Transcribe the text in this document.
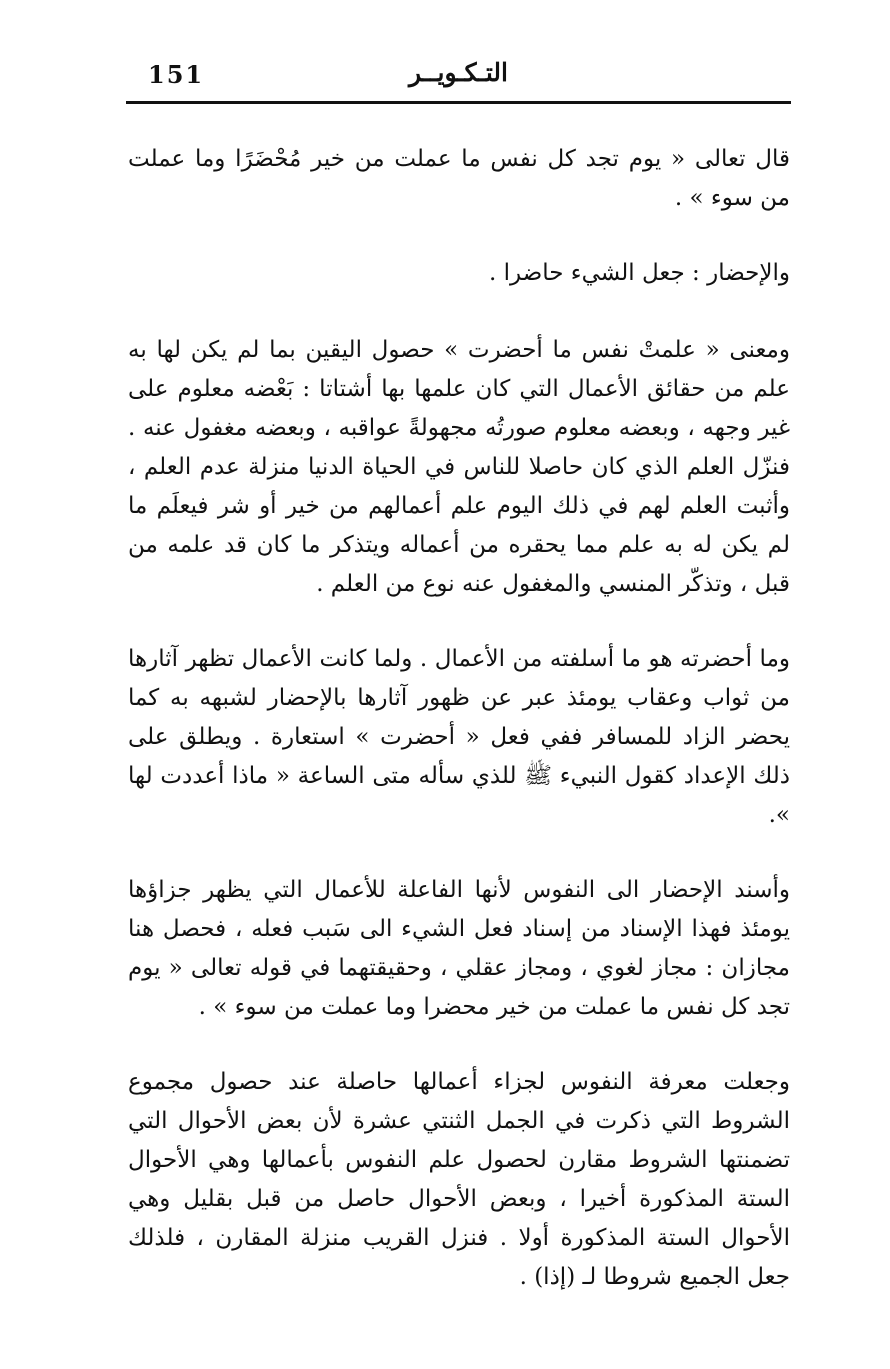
151	التـكـويــر

قال تعالى « يوم تجد كل نفس ما عملت من خير مُحْضَرًا وما عملت من سوء » .

والإحضار : جعل الشيء حاضرا .

ومعنى « علمتْ نفس ما أحضرت » حصول اليقين بما لم يكن لها به علم من حقائق الأعمال التي كان علمها بها أشتاتا : بَعْضه معلوم على غير وجهه ، وبعضه معلوم صورتُه مجهولةً عواقبه ، وبعضه مغفول عنه . فنزّل العلم الذي كان حاصلا للناس في الحياة الدنيا منزلة عدم العلم ، وأثبت العلم لهم في ذلك اليوم علم أعمالهم من خير أو شر فيعلَم ما لم يكن له به علم مما يحقره من أعماله ويتذكر ما كان قد علمه من قبل ، وتذكّر المنسي والمغفول عنه نوع من العلم .

وما أحضرته هو ما أسلفته من الأعمال . ولما كانت الأعمال تظهر آثارها من ثواب وعقاب يومئذ عبر عن ظهور آثارها بالإحضار لشبهه به كما يحضر الزاد للمسافر ففي فعل « أحضرت » استعارة . ويطلق على ذلك الإعداد كقول النبيء ﷺ للذي سأله متى الساعة « ماذا أعددت لها ».

وأسند الإحضار الى النفوس لأنها الفاعلة للأعمال التي يظهر جزاؤها يومئذ فهذا الإسناد من إسناد فعل الشيء الى سَبب فعله ، فحصل هنا مجازان : مجاز لغوي ، ومجاز عقلي ، وحقيقتهما في قوله تعالى « يوم تجد كل نفس ما عملت من خير محضرا وما عملت من سوء » .

وجعلت معرفة النفوس لجزاء أعمالها حاصلة عند حصول مجموع الشروط التي ذكرت في الجمل الثنتي عشرة لأن بعض الأحوال التي تضمنتها الشروط مقارن لحصول علم النفوس بأعمالها وهي الأحوال الستة المذكورة أخيرا ، وبعض الأحوال حاصل من قبل بقليل وهي الأحوال الستة المذكورة أولا . فنزل القريب منزلة المقارن ، فلذلك جعل الجميع شروطا لـ (إذا) .
